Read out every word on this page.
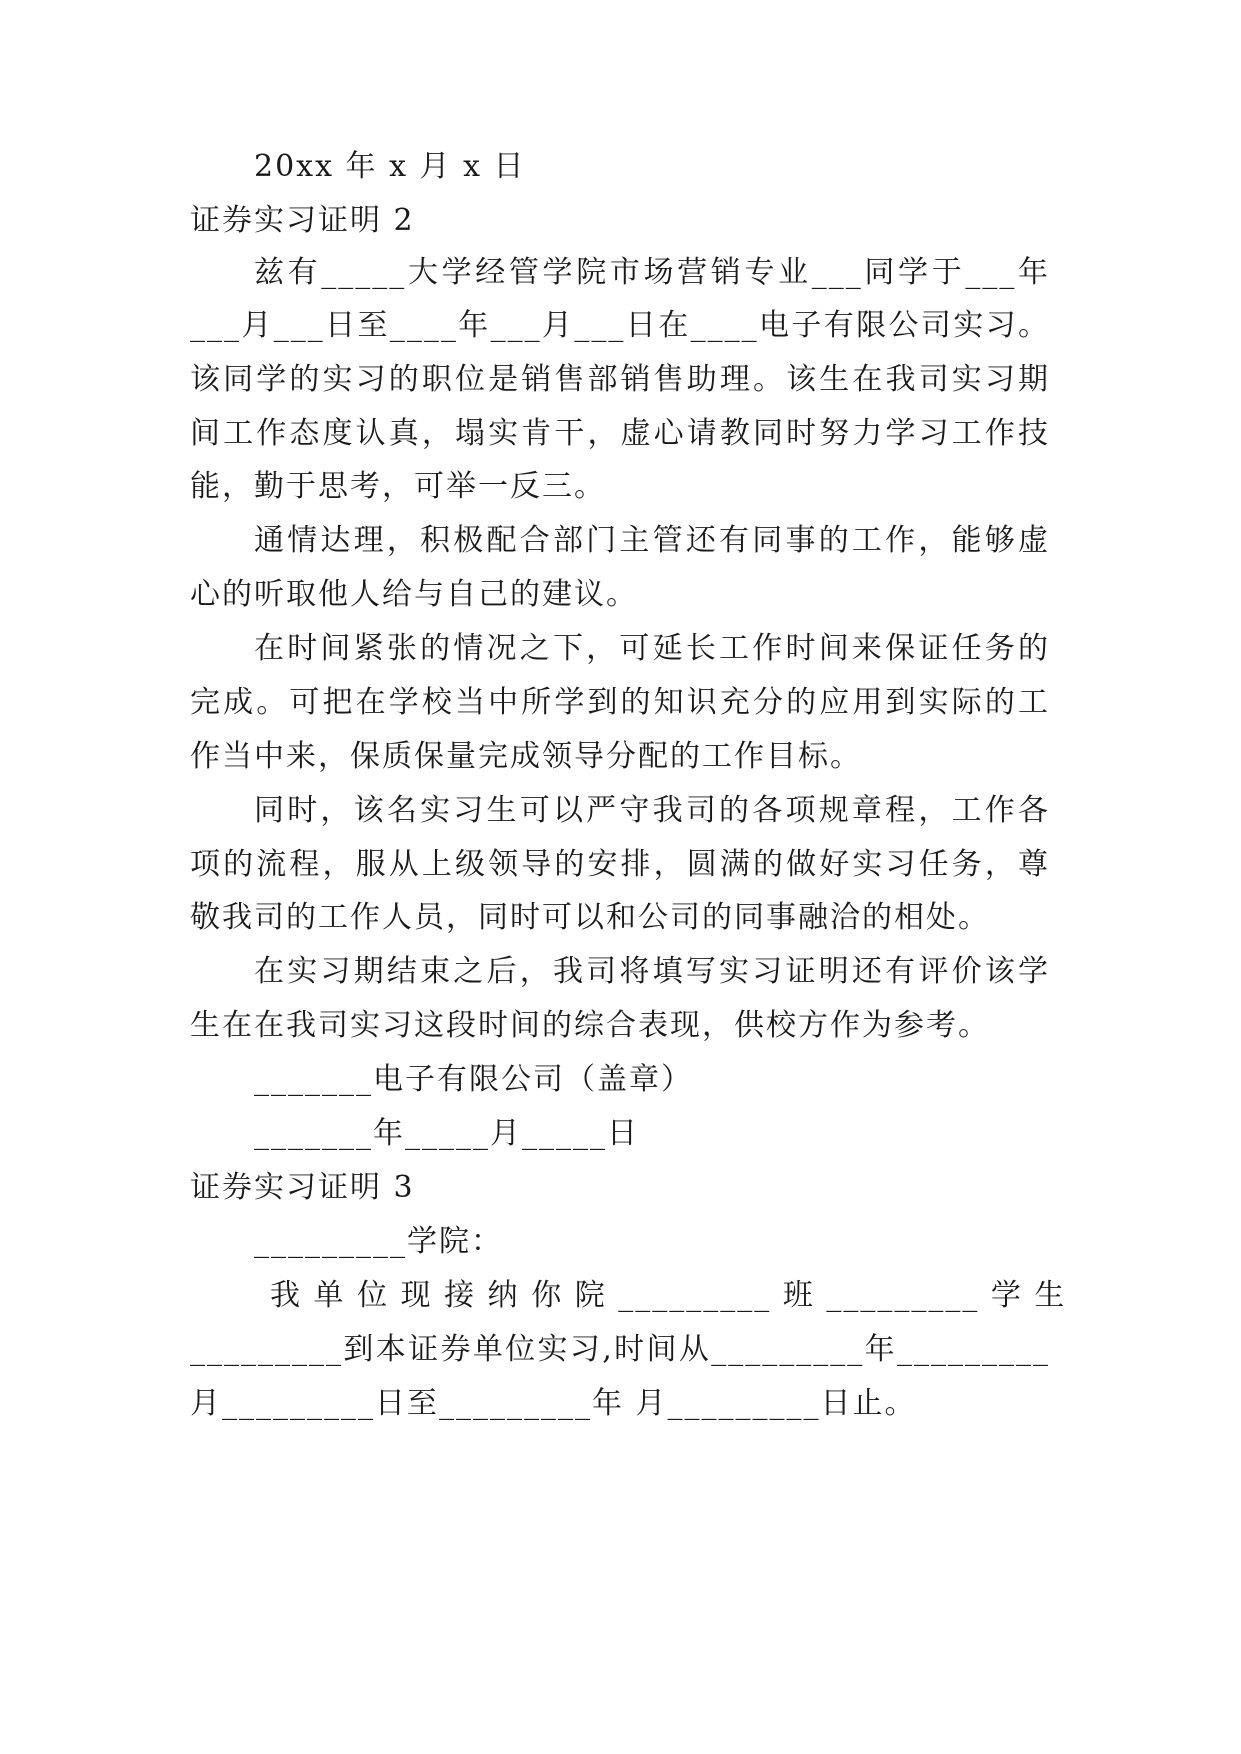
20xx 年 x 月 x 日
证券实习证明 2
兹有_____大学经管学院市场营销专业___同学于___年
___月___日至____年___月___日在____电子有限公司实习。
该同学的实习的职位是销售部销售助理。该生在我司实习期
间工作态度认真，塌实肯干，虚心请教同时努力学习工作技
能，勤于思考，可举一反三。
通情达理，积极配合部门主管还有同事的工作，能够虚
心的听取他人给与自己的建议。
在时间紧张的情况之下，可延长工作时间来保证任务的
完成。可把在学校当中所学到的知识充分的应用到实际的工
作当中来，保质保量完成领导分配的工作目标。
同时，该名实习生可以严守我司的各项规章程，工作各
项的流程，服从上级领导的安排，圆满的做好实习任务，尊
敬我司的工作人员，同时可以和公司的同事融洽的相处。
在实习期结束之后，我司将填写实习证明还有评价该学
生在在我司实习这段时间的综合表现，供校方作为参考。
_______电子有限公司（盖章）
_______年_____月_____日
证券实习证明 3
_________学院：
我 单 位 现 接 纳 你 院 _________ 班 _________ 学 生
_________到本证券单位实习,时间从_________年_________
月_________日至_________年 月_________日止。
